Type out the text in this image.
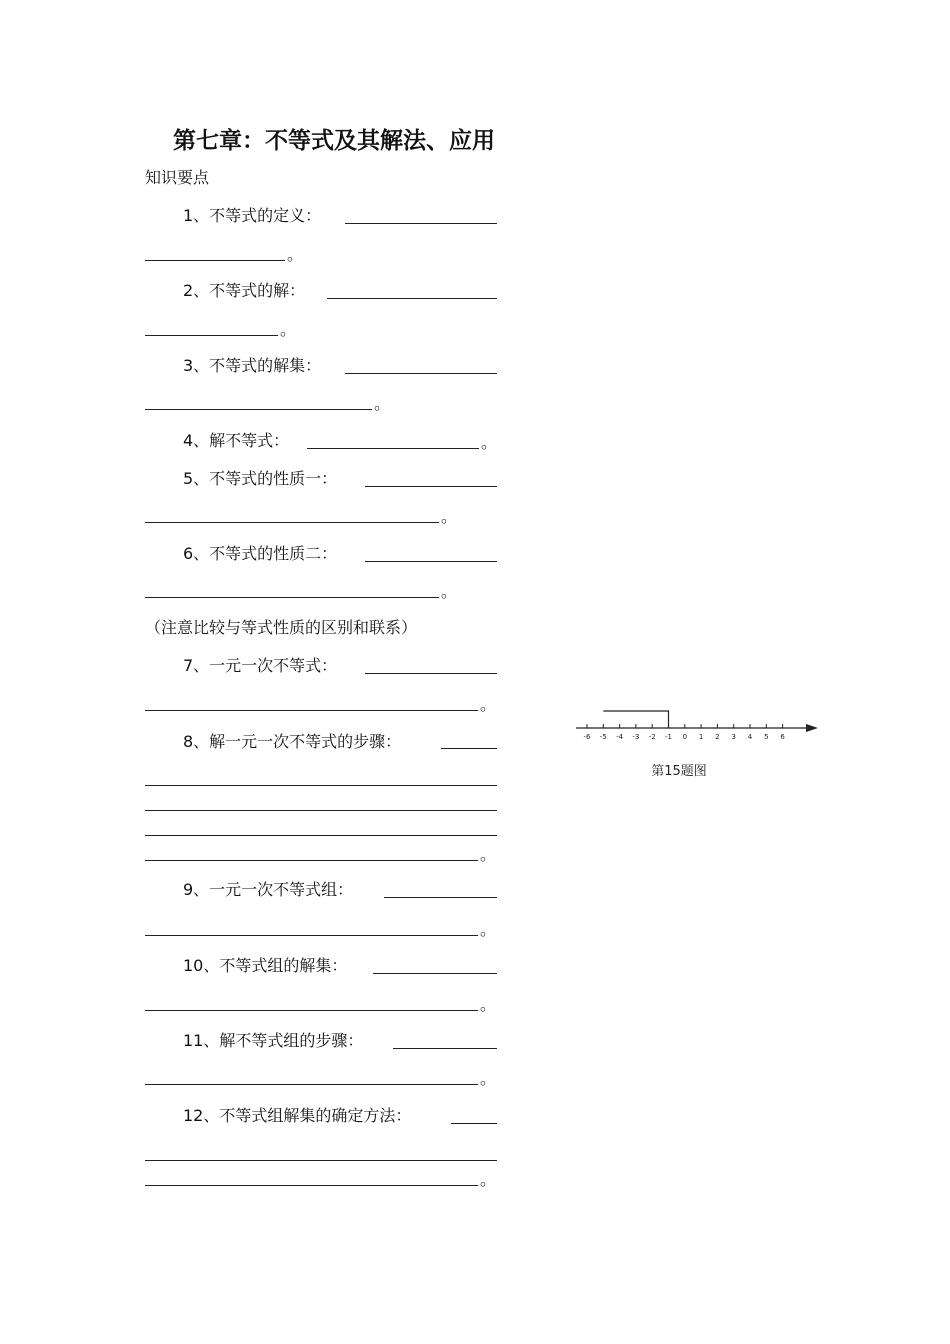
第七章：不等式及其解法、应用
知识要点
1、不等式的定义：
。
2、不等式的解：
。
3、不等式的解集：
。
4、解不等式：	。
5、不等式的性质一：
。
6、不等式的性质二：
。
（注意比较与等式性质的区别和联系）
7、一元一次不等式：
。
8、解一元一次不等式的步骤：
。
9、一元一次不等式组：
。
10、不等式组的解集：
。
11、解不等式组的步骤：
。
12、不等式组解集的确定方法：
。
-6 -5 -4 -3 -2 -1 0 1 2 3 4 5 6
第15题图
